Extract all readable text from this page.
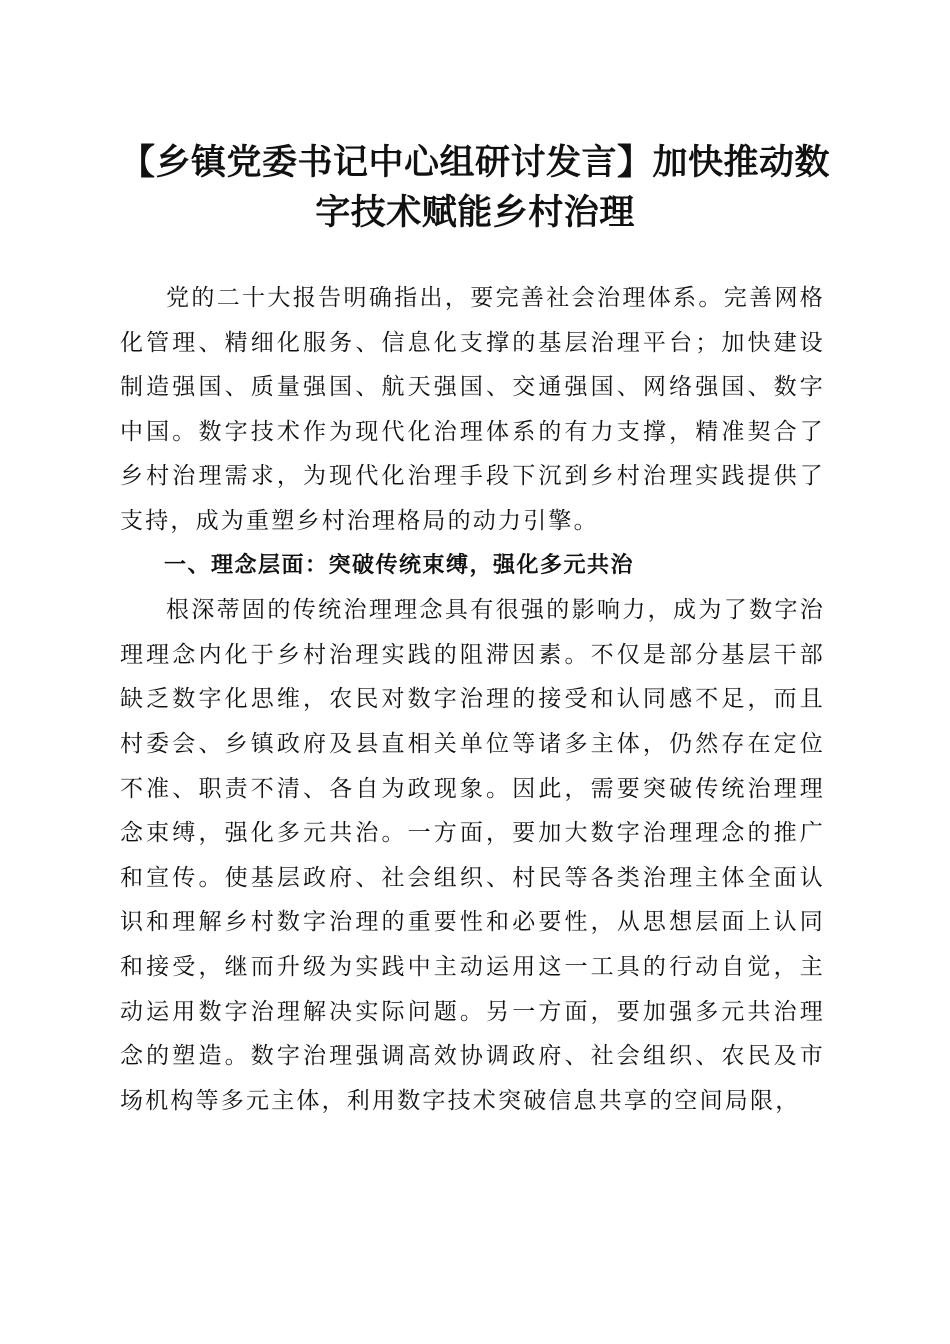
【乡镇党委书记中心组研讨发言】加快推动数字技术赋能乡村治理

党的二十大报告明确指出，要完善社会治理体系。完善网格化管理、精细化服务、信息化支撑的基层治理平台；加快建设制造强国、质量强国、航天强国、交通强国、网络强国、数字中国。数字技术作为现代化治理体系的有力支撑，精准契合了乡村治理需求，为现代化治理手段下沉到乡村治理实践提供了支持，成为重塑乡村治理格局的动力引擎。

一、理念层面：突破传统束缚，强化多元共治

根深蒂固的传统治理理念具有很强的影响力，成为了数字治理理念内化于乡村治理实践的阻滞因素。不仅是部分基层干部缺乏数字化思维，农民对数字治理的接受和认同感不足，而且村委会、乡镇政府及县直相关单位等诸多主体，仍然存在定位不准、职责不清、各自为政现象。因此，需要突破传统治理理念束缚，强化多元共治。一方面，要加大数字治理理念的推广和宣传。使基层政府、社会组织、村民等各类治理主体全面认识和理解乡村数字治理的重要性和必要性，从思想层面上认同和接受，继而升级为实践中主动运用这一工具的行动自觉，主动运用数字治理解决实际问题。另一方面，要加强多元共治理念的塑造。数字治理强调高效协调政府、社会组织、农民及市场机构等多元主体，利用数字技术突破信息共享的空间局限，
